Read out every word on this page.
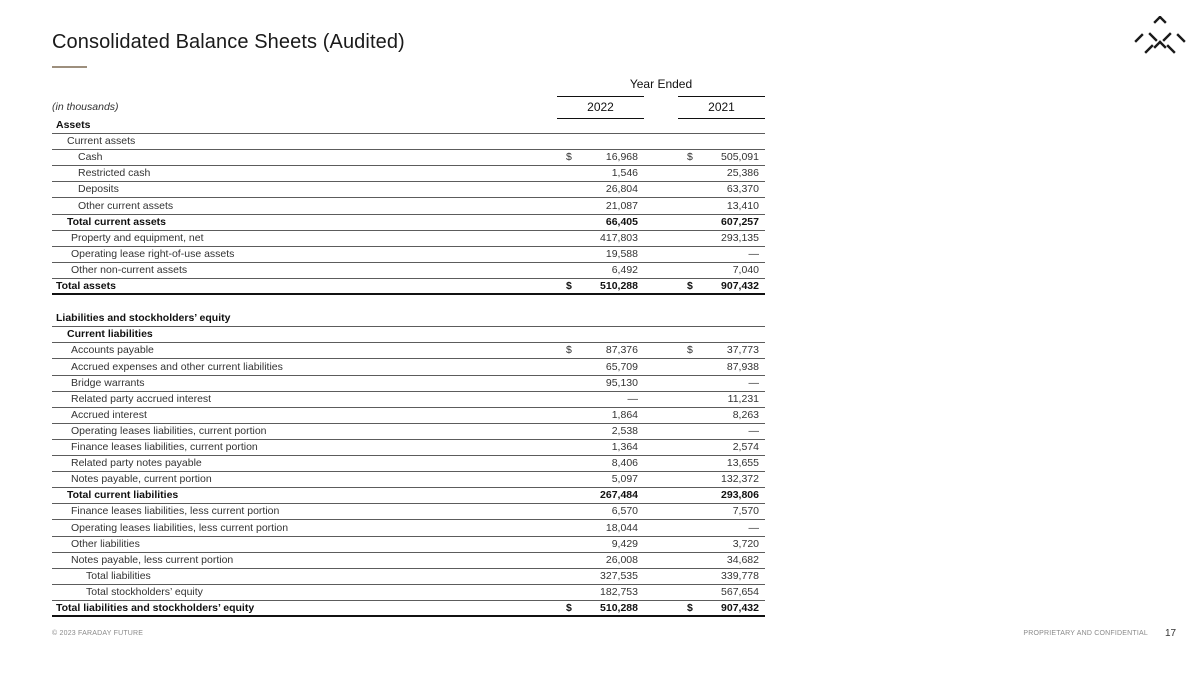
Consolidated Balance Sheets (Audited)
Year Ended
2022	2021
(in thousands)
Assets
Current assets
Cash	$	16,968	$	505,091
Restricted cash	1,546	25,386
Deposits	26,804	63,370
Other current assets	21,087	13,410
Total current assets	66,405	607,257
Property and equipment, net	417,803	293,135
Operating lease right-of-use assets	19,588	—
Other non-current assets	6,492	7,040
Total assets	$	510,288	$	907,432
Liabilities and stockholders’ equity
Current liabilities
Accounts payable	$	87,376	$	37,773
Accrued expenses and other current liabilities	65,709	87,938
Bridge warrants	95,130	—
Related party accrued interest	—	11,231
Accrued interest	1,864	8,263
Operating leases liabilities, current portion	2,538	—
Finance leases liabilities, current portion	1,364	2,574
Related party notes payable	8,406	13,655
Notes payable, current portion	5,097	132,372
Total current liabilities	267,484	293,806
Finance leases liabilities, less current portion	6,570	7,570
Operating leases liabilities, less current portion	18,044	—
Other liabilities	9,429	3,720
Notes payable, less current portion	26,008	34,682
Total liabilities	327,535	339,778
Total stockholders’ equity	182,753	567,654
Total liabilities and stockholders’ equity	$	510,288	$	907,432
© 2023 FARADAY FUTURE	PROPRIETARY AND CONFIDENTIAL 17
